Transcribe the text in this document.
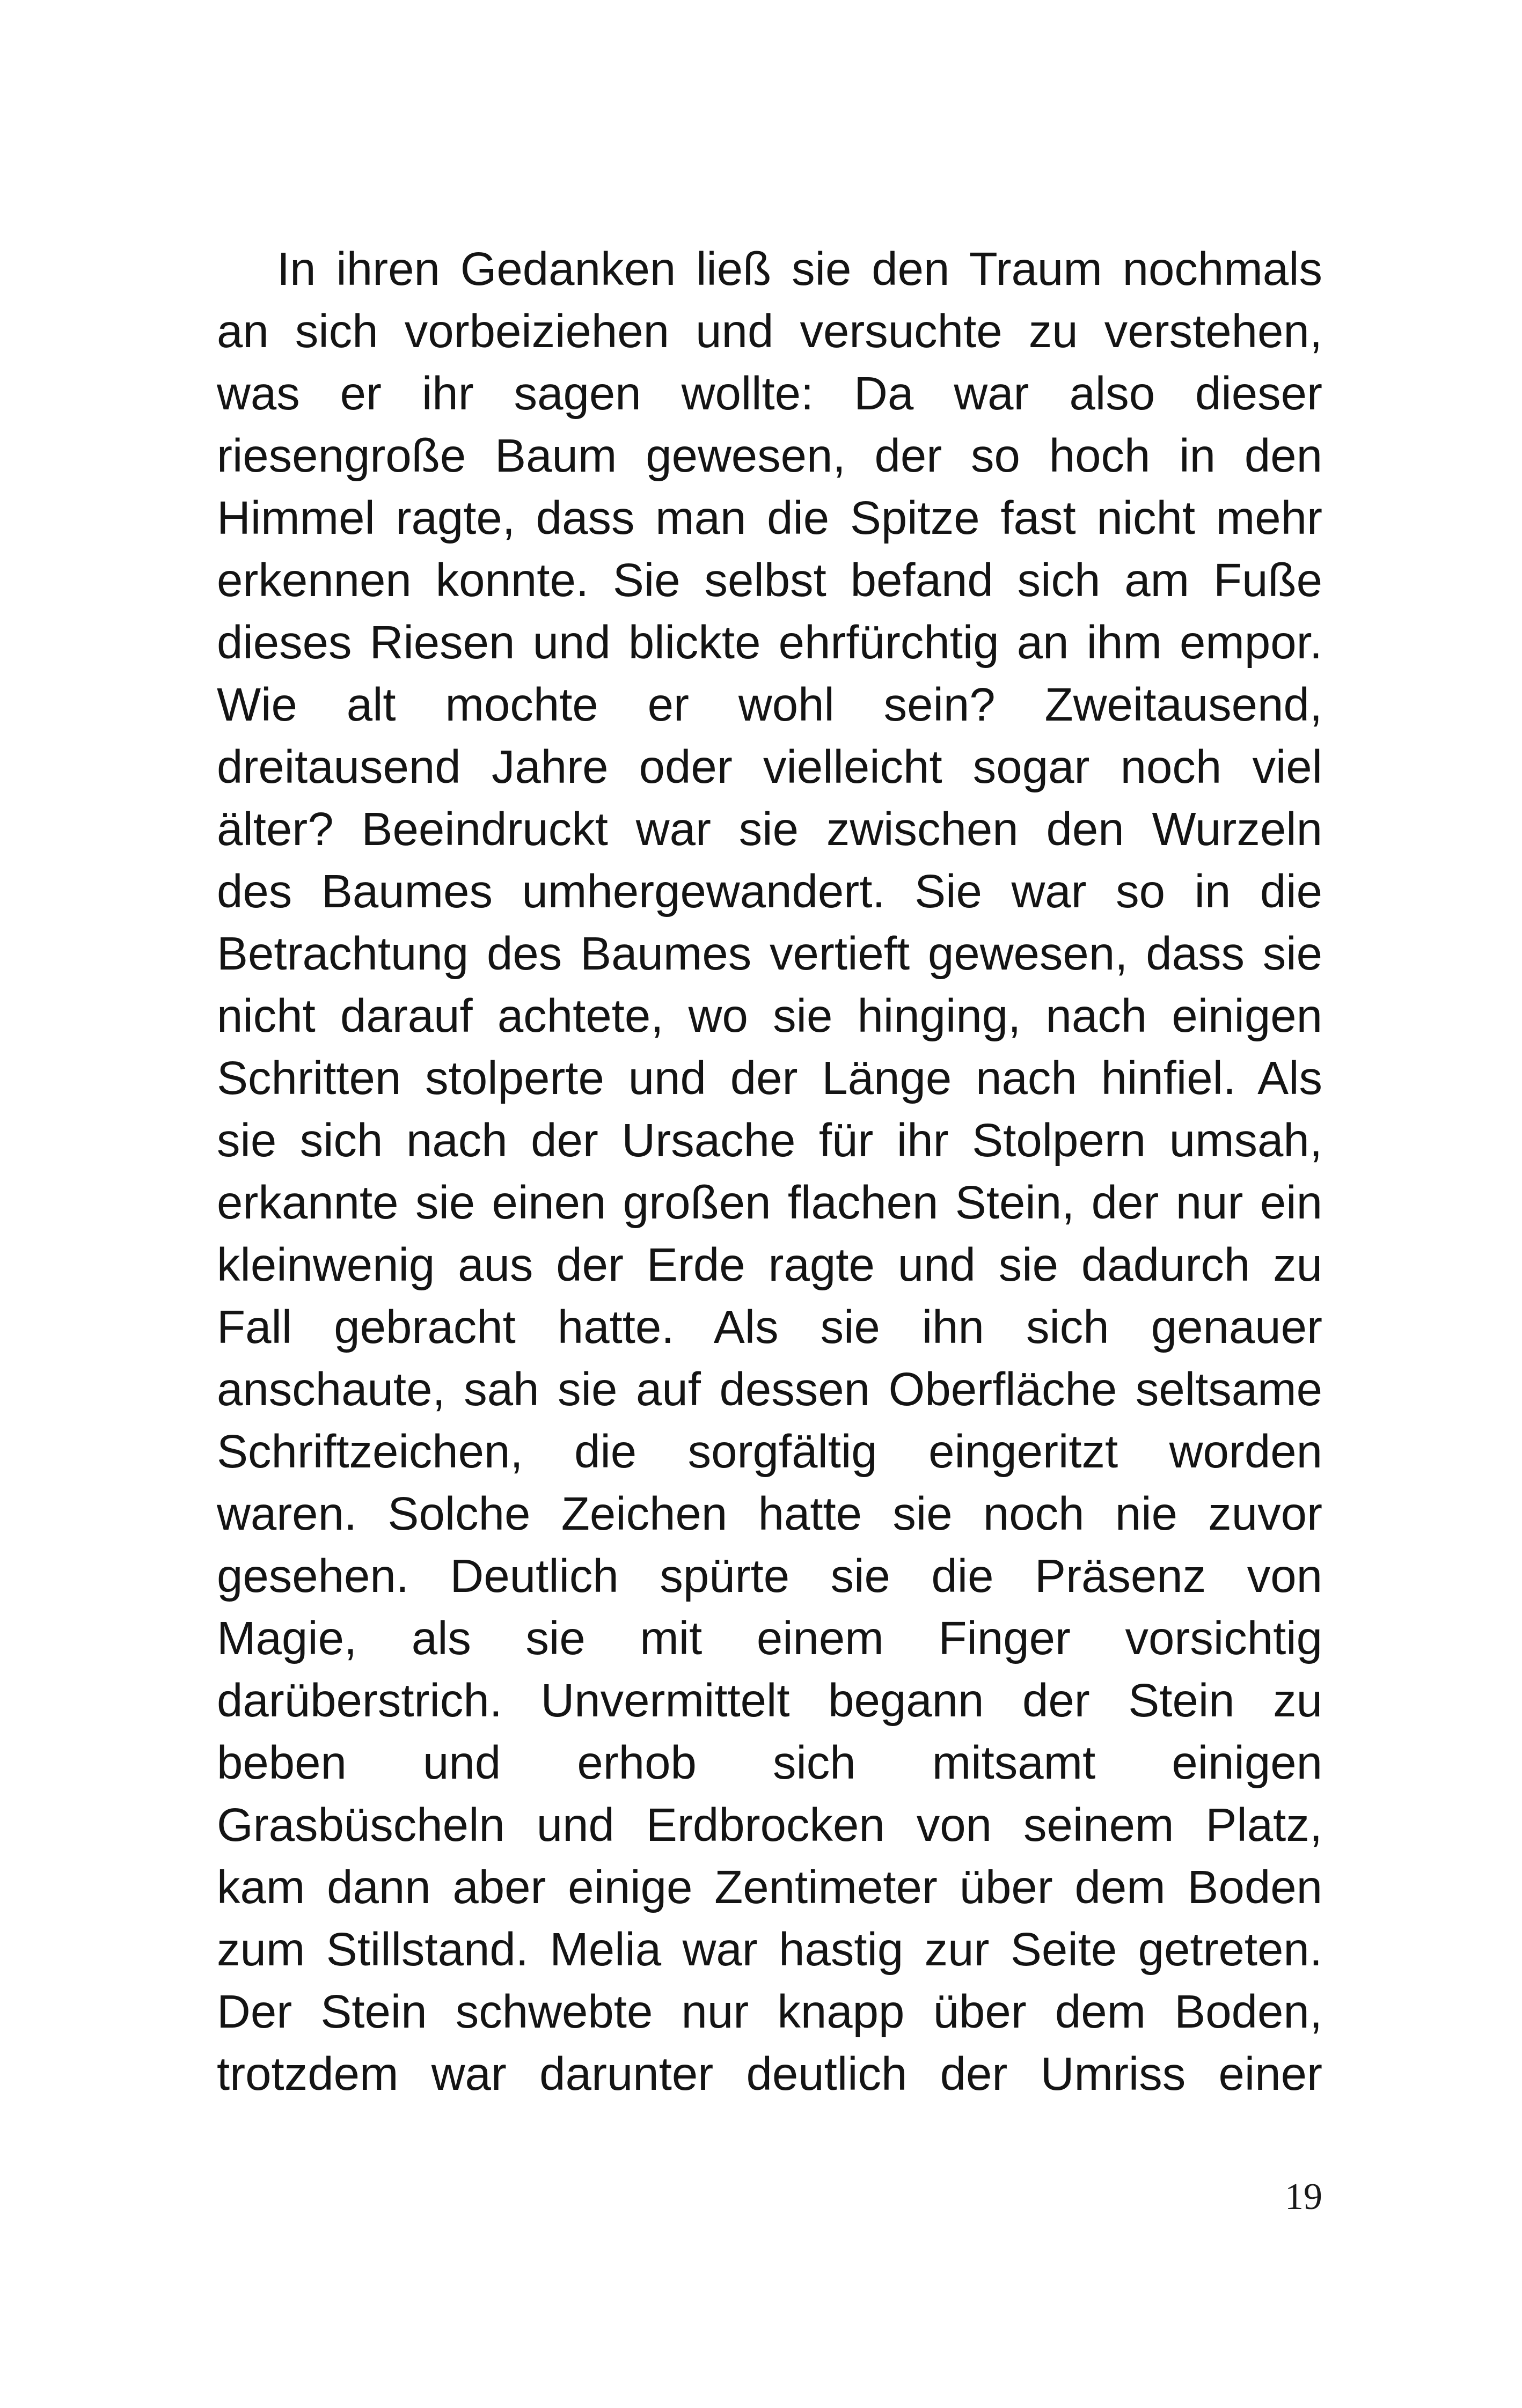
In ihren Gedanken ließ sie den Traum nochmals
an sich vorbeiziehen und versuchte zu verstehen,
was er ihr sagen wollte: Da war also dieser
riesengroße Baum gewesen, der so hoch in den
Himmel ragte, dass man die Spitze fast nicht mehr
erkennen konnte. Sie selbst befand sich am Fuße
dieses Riesen und blickte ehrfürchtig an ihm empor.
Wie alt mochte er wohl sein? Zweitausend,
dreitausend Jahre oder vielleicht sogar noch viel
älter? Beeindruckt war sie zwischen den Wurzeln
des Baumes umhergewandert. Sie war so in die
Betrachtung des Baumes vertieft gewesen, dass sie
nicht darauf achtete, wo sie hinging, nach einigen
Schritten stolperte und der Länge nach hinfiel. Als
sie sich nach der Ursache für ihr Stolpern umsah,
erkannte sie einen großen flachen Stein, der nur ein
kleinwenig aus der Erde ragte und sie dadurch zu
Fall gebracht hatte. Als sie ihn sich genauer
anschaute, sah sie auf dessen Oberfläche seltsame
Schriftzeichen, die sorgfältig eingeritzt worden
waren. Solche Zeichen hatte sie noch nie zuvor
gesehen. Deutlich spürte sie die Präsenz von
Magie, als sie mit einem Finger vorsichtig
darüberstrich. Unvermittelt begann der Stein zu
beben und erhob sich mitsamt einigen
Grasbüscheln und Erdbrocken von seinem Platz,
kam dann aber einige Zentimeter über dem Boden
zum Stillstand. Melia war hastig zur Seite getreten.
Der Stein schwebte nur knapp über dem Boden,
trotzdem war darunter deutlich der Umriss einer
19
